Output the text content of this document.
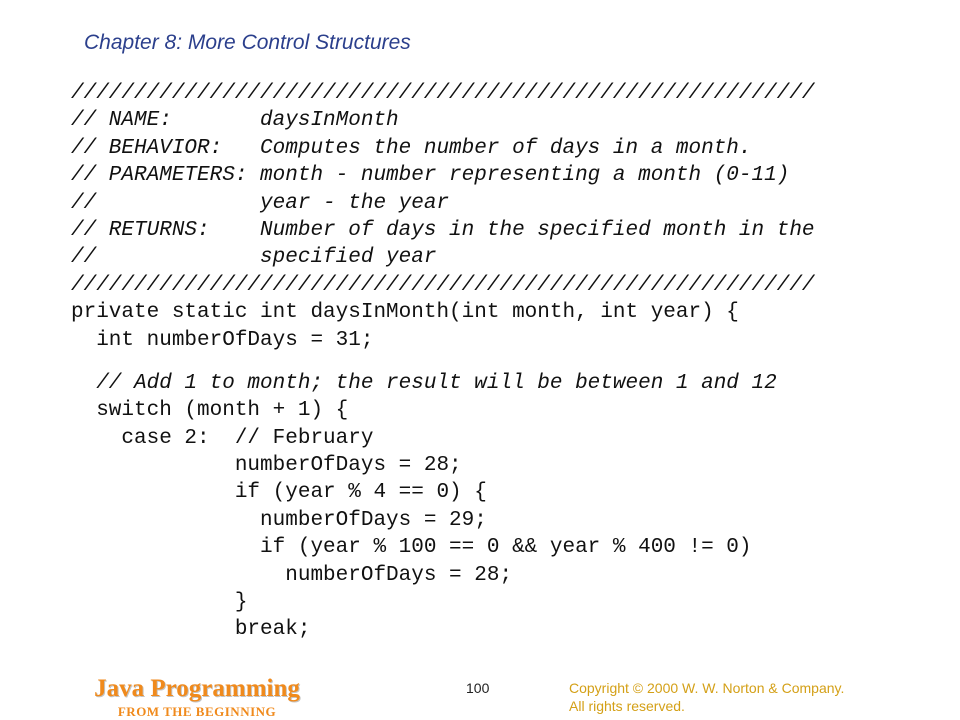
Chapter 8: More Control Structures
///////////////////////////////////////////////////////////
// NAME:       daysInMonth
// BEHAVIOR:   Computes the number of days in a month.
// PARAMETERS: month - number representing a month (0-11)
//             year - the year
// RETURNS:    Number of days in the specified month in the
//             specified year
///////////////////////////////////////////////////////////
private static int daysInMonth(int month, int year) {
int numberOfDays = 31;
// Add 1 to month; the result will be between 1 and 12
switch (month + 1) {
case 2:  // February
numberOfDays = 28;
if (year % 4 == 0) {
numberOfDays = 29;
if (year % 100 == 0 && year % 400 != 0)
numberOfDays = 28;
}
break;
Java Programming
FROM THE BEGINNING
100	Copyright © 2000 W. W. Norton & Company.
All rights reserved.
